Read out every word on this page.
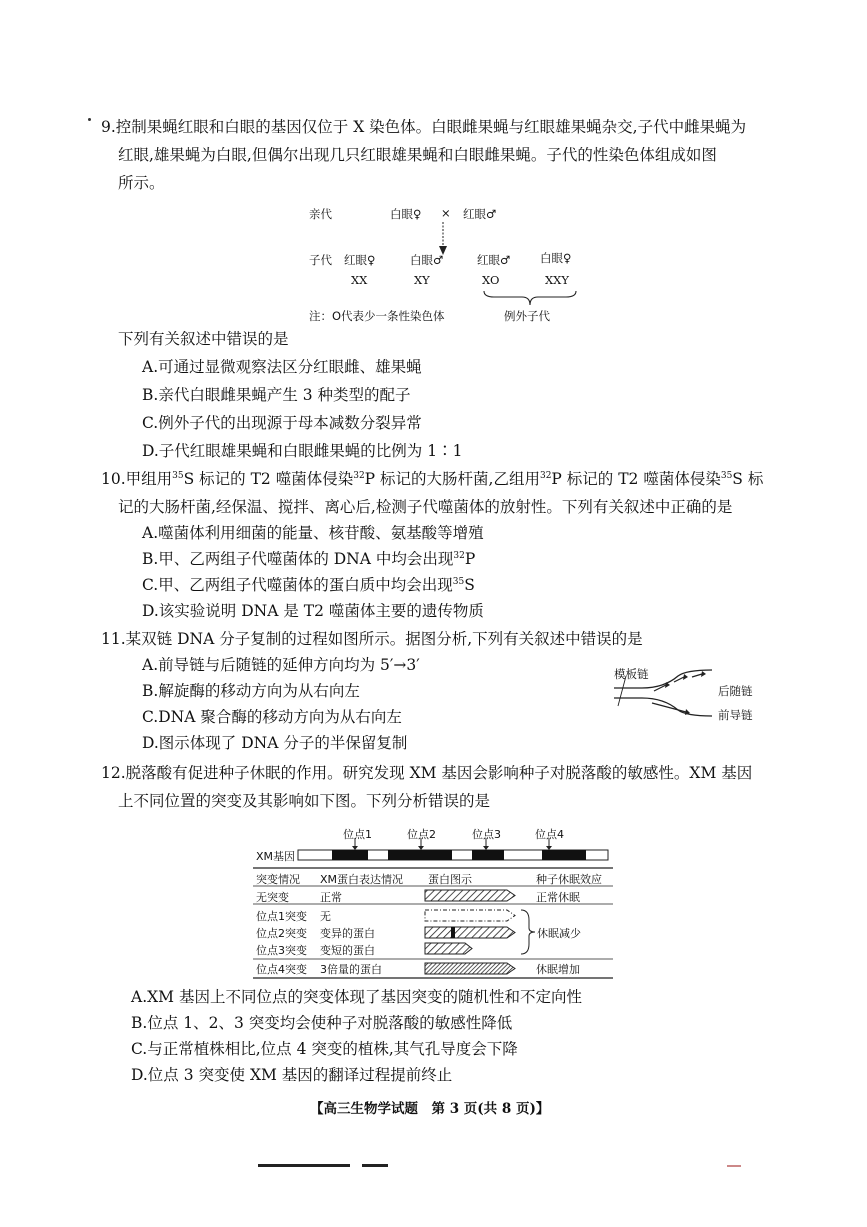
9.控制果蝇红眼和白眼的基因仅位于 X 染色体。白眼雌果蝇与红眼雄果蝇杂交,子代中雌果蝇为
红眼,雄果蝇为白眼,但偶尔出现几只红眼雄果蝇和白眼雌果蝇。子代的性染色体组成如图
所示。
亲代	白眼♀ × 红眼♂
子代 红眼♀	白眼♂	红眼♂	白眼♀
XX	XY	XO	XXY
注：O代表少一条性染色体	例外子代
下列有关叙述中错误的是
A.可通过显微观察法区分红眼雌、雄果蝇
B.亲代白眼雌果蝇产生 3 种类型的配子
C.例外子代的出现源于母本减数分裂异常
D.子代红眼雄果蝇和白眼雌果蝇的比例为 1∶1
10.甲组用$^{35}$S 标记的 T2 噬菌体侵染$^{32}$P 标记的大肠杆菌,乙组用$^{32}$P 标记的 T2 噬菌体侵染$^{35}$S 标
记的大肠杆菌,经保温、搅拌、离心后,检测子代噬菌体的放射性。下列有关叙述中正确的是
A.噬菌体利用细菌的能量、核苷酸、氨基酸等增殖
B.甲、乙两组子代噬菌体的 DNA 中均会出现$^{32}$P
C.甲、乙两组子代噬菌体的蛋白质中均会出现$^{35}$S
D.该实验说明 DNA 是 T2 噬菌体主要的遗传物质
11.某双链 DNA 分子复制的过程如图所示。据图分析,下列有关叙述中错误的是
A.前导链与后随链的延伸方向均为 5′→3′
B.解旋酶的移动方向为从右向左
C.DNA 聚合酶的移动方向为从右向左
D.图示体现了 DNA 分子的半保留复制
模板链
后随链
前导链
12.脱落酸有促进种子休眠的作用。研究发现 XM 基因会影响种子对脱落酸的敏感性。XM 基因
上不同位置的突变及其影响如下图。下列分析错误的是
位点1	位点2	位点3	位点4
XM基因
突变情况 XM蛋白表达情况 蛋白图示	种子休眠效应
无突变	正常	正常休眠
位点1突变 无
位点2突变 变异的蛋白
位点3突变 变短的蛋白
休眠减少
位点4突变 3倍量的蛋白	休眠增加
A.XM 基因上不同位点的突变体现了基因突变的随机性和不定向性
B.位点 1、2、3 突变均会使种子对脱落酸的敏感性降低
C.与正常植株相比,位点 4 突变的植株,其气孔导度会下降
D.位点 3 突变使 XM 基因的翻译过程提前终止
【高三生物学试题　第 3 页(共 8 页)】
